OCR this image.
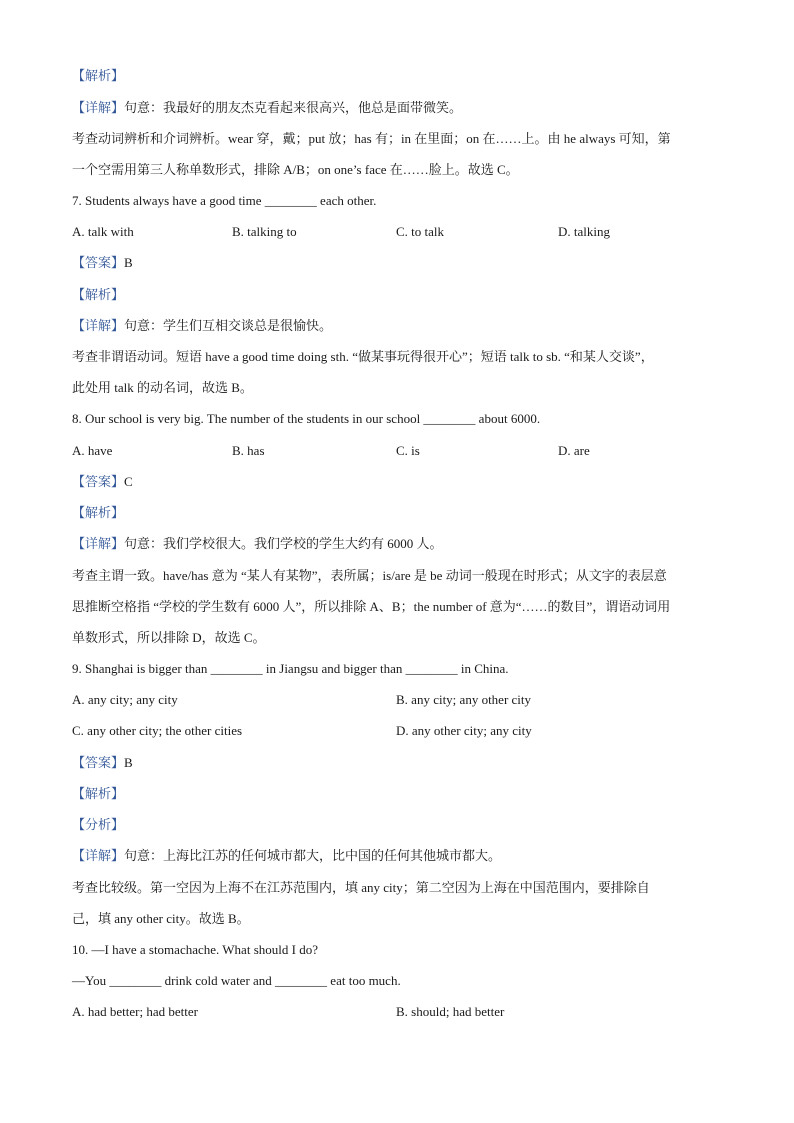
【解析】
【详解】句意：我最好的朋友杰克看起来很高兴，他总是面带微笑。
考查动词辨析和介词辨析。wear 穿，戴；put 放；has 有；in 在里面；on 在……上。由 he always 可知，第
一个空需用第三人称单数形式，排除 A/B；on one’s face 在……脸上。故选 C。
7. Students always have a good time ________ each other.
A. talk with	B. talking to	C. to talk	D. talking
【答案】B
【解析】
【详解】句意：学生们互相交谈总是很愉快。
考查非谓语动词。短语 have a good time doing sth. “做某事玩得很开心”；短语 talk to sb. “和某人交谈”，
此处用 talk 的动名词，故选 B。
8. Our school is very big. The number of the students in our school ________ about 6000.
A. have	B. has	C. is	D. are
【答案】C
【解析】
【详解】句意：我们学校很大。我们学校的学生大约有 6000 人。
考查主谓一致。have/has 意为 “某人有某物”，表所属；is/are 是 be 动词一般现在时形式；从文字的表层意
思推断空格指 “学校的学生数有 6000 人”，所以排除 A、B；the number of 意为“……的数目”，谓语动词用
单数形式，所以排除 D，故选 C。
9. Shanghai is bigger than ________ in Jiangsu and bigger than ________ in China.
A. any city; any city	B. any city; any other city
C. any other city; the other cities	D. any other city; any city
【答案】B
【解析】
【分析】
【详解】句意：上海比江苏的任何城市都大，比中国的任何其他城市都大。
考查比较级。第一空因为上海不在江苏范围内，填 any city；第二空因为上海在中国范围内，要排除自
己，填 any other city。故选 B。
10. —I have a stomachache. What should I do?
—You ________ drink cold water and ________ eat too much.
A. had better; had better	B. should; had better
